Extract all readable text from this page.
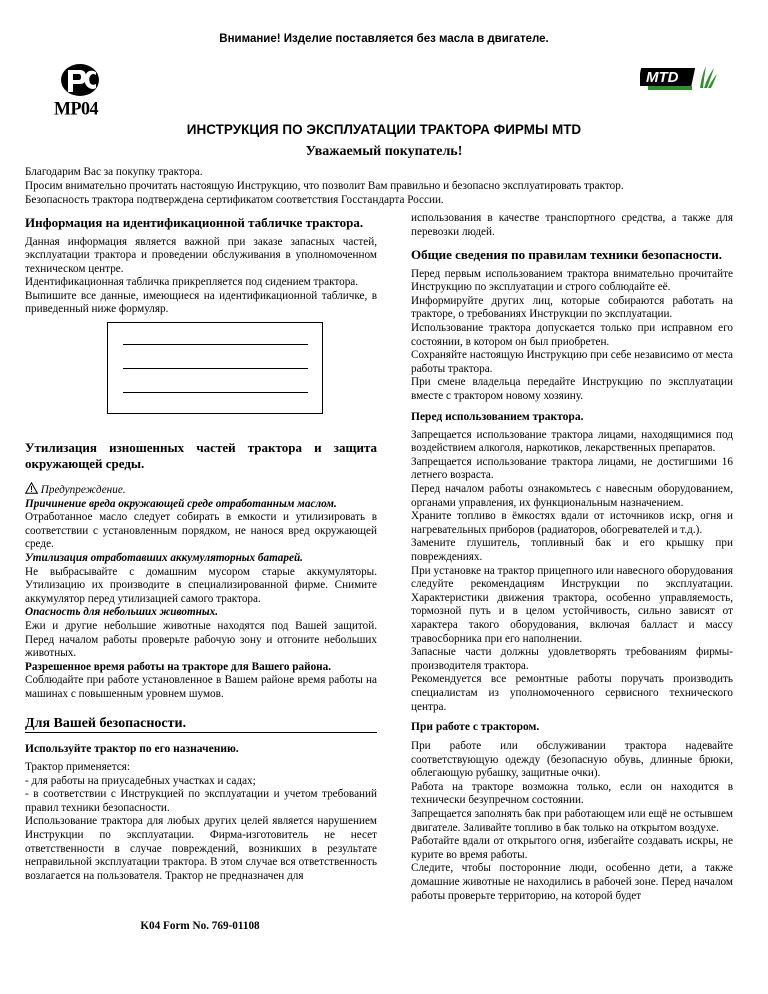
Внимание! Изделие поставляется без масла в двигателе.
MP04
MTD
ИНСТРУКЦИЯ ПО ЭКСПЛУАТАЦИИ ТРАКТОРА ФИРМЫ MTD
Уважаемый покупатель!

Благодарим Вас за покупку трактора.

Просим внимательно прочитать настоящую Инструкцию, что позволит Вам правильно и безопасно эксплуатировать трактор.

Безопасность трактора подтверждена сертификатом соответствия Госстандарта России.

Информация на идентификационной табличке трактора.

Данная информация является важной при заказе запасных частей, эксплуатации трактора и проведении обслуживания в уполномоченном техническом центре.

Идентификационная табличка прикрепляется под сидением трактора.

Выпишите все данные, имеющиеся на идентификационной табличке, в приведенный ниже формуляр.

Утилизация изношенных частей трактора и защита окружающей среды.

Предупреждение.

Причинение вреда окружающей среде отработанным маслом.

Отработанное масло следует собирать в емкости и утилизировать в соответствии с установленным порядком, не нанося вред окружающей среде.

Утилизация отработавших аккумуляторных батарей.

Не выбрасывайте с домашним мусором старые аккумуляторы. Утилизацию их производите в специализированной фирме. Снимите аккумулятор перед утилизацией самого трактора.

Опасность для небольших животных.

Ежи и другие небольшие животные находятся под Вашей защитой. Перед началом работы проверьте рабочую зону и отгоните небольших животных.

Разрешенное время работы на тракторе для Вашего района.

Соблюдайте при работе установленное в Вашем районе время работы на машинах с повышенным уровнем шумов.

Для Вашей безопасности.

Используйте трактор по его назначению.

Трактор применяется:

- для работы на приусадебных участках и садах;

- в соответствии с Инструкцией по эксплуатации и учетом требований правил техники безопасности.

Использование трактора для любых других целей является нарушением Инструкции по эксплуатации. Фирма-изготовитель не несет ответственности в случае повреждений, возникших в результате неправильной эксплуатации трактора. В этом случае вся ответственность возлагается на пользователя. Трактор не предназначен для

K04 Form No. 769-01108

использования в качестве транспортного средства, а также для перевозки людей.

Общие сведения по правилам техники безопасности.

Перед первым использованием трактора внимательно прочитайте Инструкцию по эксплуатации и строго соблюдайте её.

Информируйте других лиц, которые собираются работать на тракторе, о требованиях Инструкции по эксплуатации.

Использование трактора допускается только при исправном его состоянии, в котором он был приобретен.

Сохраняйте настоящую Инструкцию при себе независимо от места работы трактора.

При смене владельца передайте Инструкцию по эксплуатации вместе с трактором новому хозяину.

Перед использованием трактора.

Запрещается использование трактора лицами, находящимися под воздействием алкоголя, наркотиков, лекарственных препаратов.

Запрещается использование трактора лицами, не достигшими 16 летнего возраста.

Перед началом работы ознакомьтесь с навесным оборудованием, органами управления, их функциональным назначением.

Храните топливо в ёмкостях вдали от источников искр, огня и нагревательных приборов (радиаторов, обогревателей и т.д.).

Замените глушитель, топливный бак и его крышку при повреждениях.

При установке на трактор прицепного или навесного оборудования следуйте рекомендациям Инструкции по эксплуатации. Характеристики движения трактора, особенно управляемость, тормозной путь и в целом устойчивость, сильно зависят от характера такого оборудования, включая балласт и массу травосборника при его наполнении.

Запасные части должны удовлетворять требованиям фирмы-производителя трактора.

Рекомендуется все ремонтные работы поручать производить специалистам из уполномоченного сервисного технического центра.

При работе с трактором.

При работе или обслуживании трактора надевайте соответствующую одежду (безопасную обувь, длинные брюки, облегающую рубашку, защитные очки).

Работа на тракторе возможна только, если он находится в технически безупречном состоянии.

Запрещается заполнять бак при работающем или ещё не остывшем двигателе. Заливайте топливо в бак только на открытом воздухе.

Работайте вдали от открытого огня, избегайте создавать искры, не курите во время работы.

Следите, чтобы посторонние люди, особенно дети, а также домашние животные не находились в рабочей зоне. Перед началом работы проверьте территорию, на которой будет
